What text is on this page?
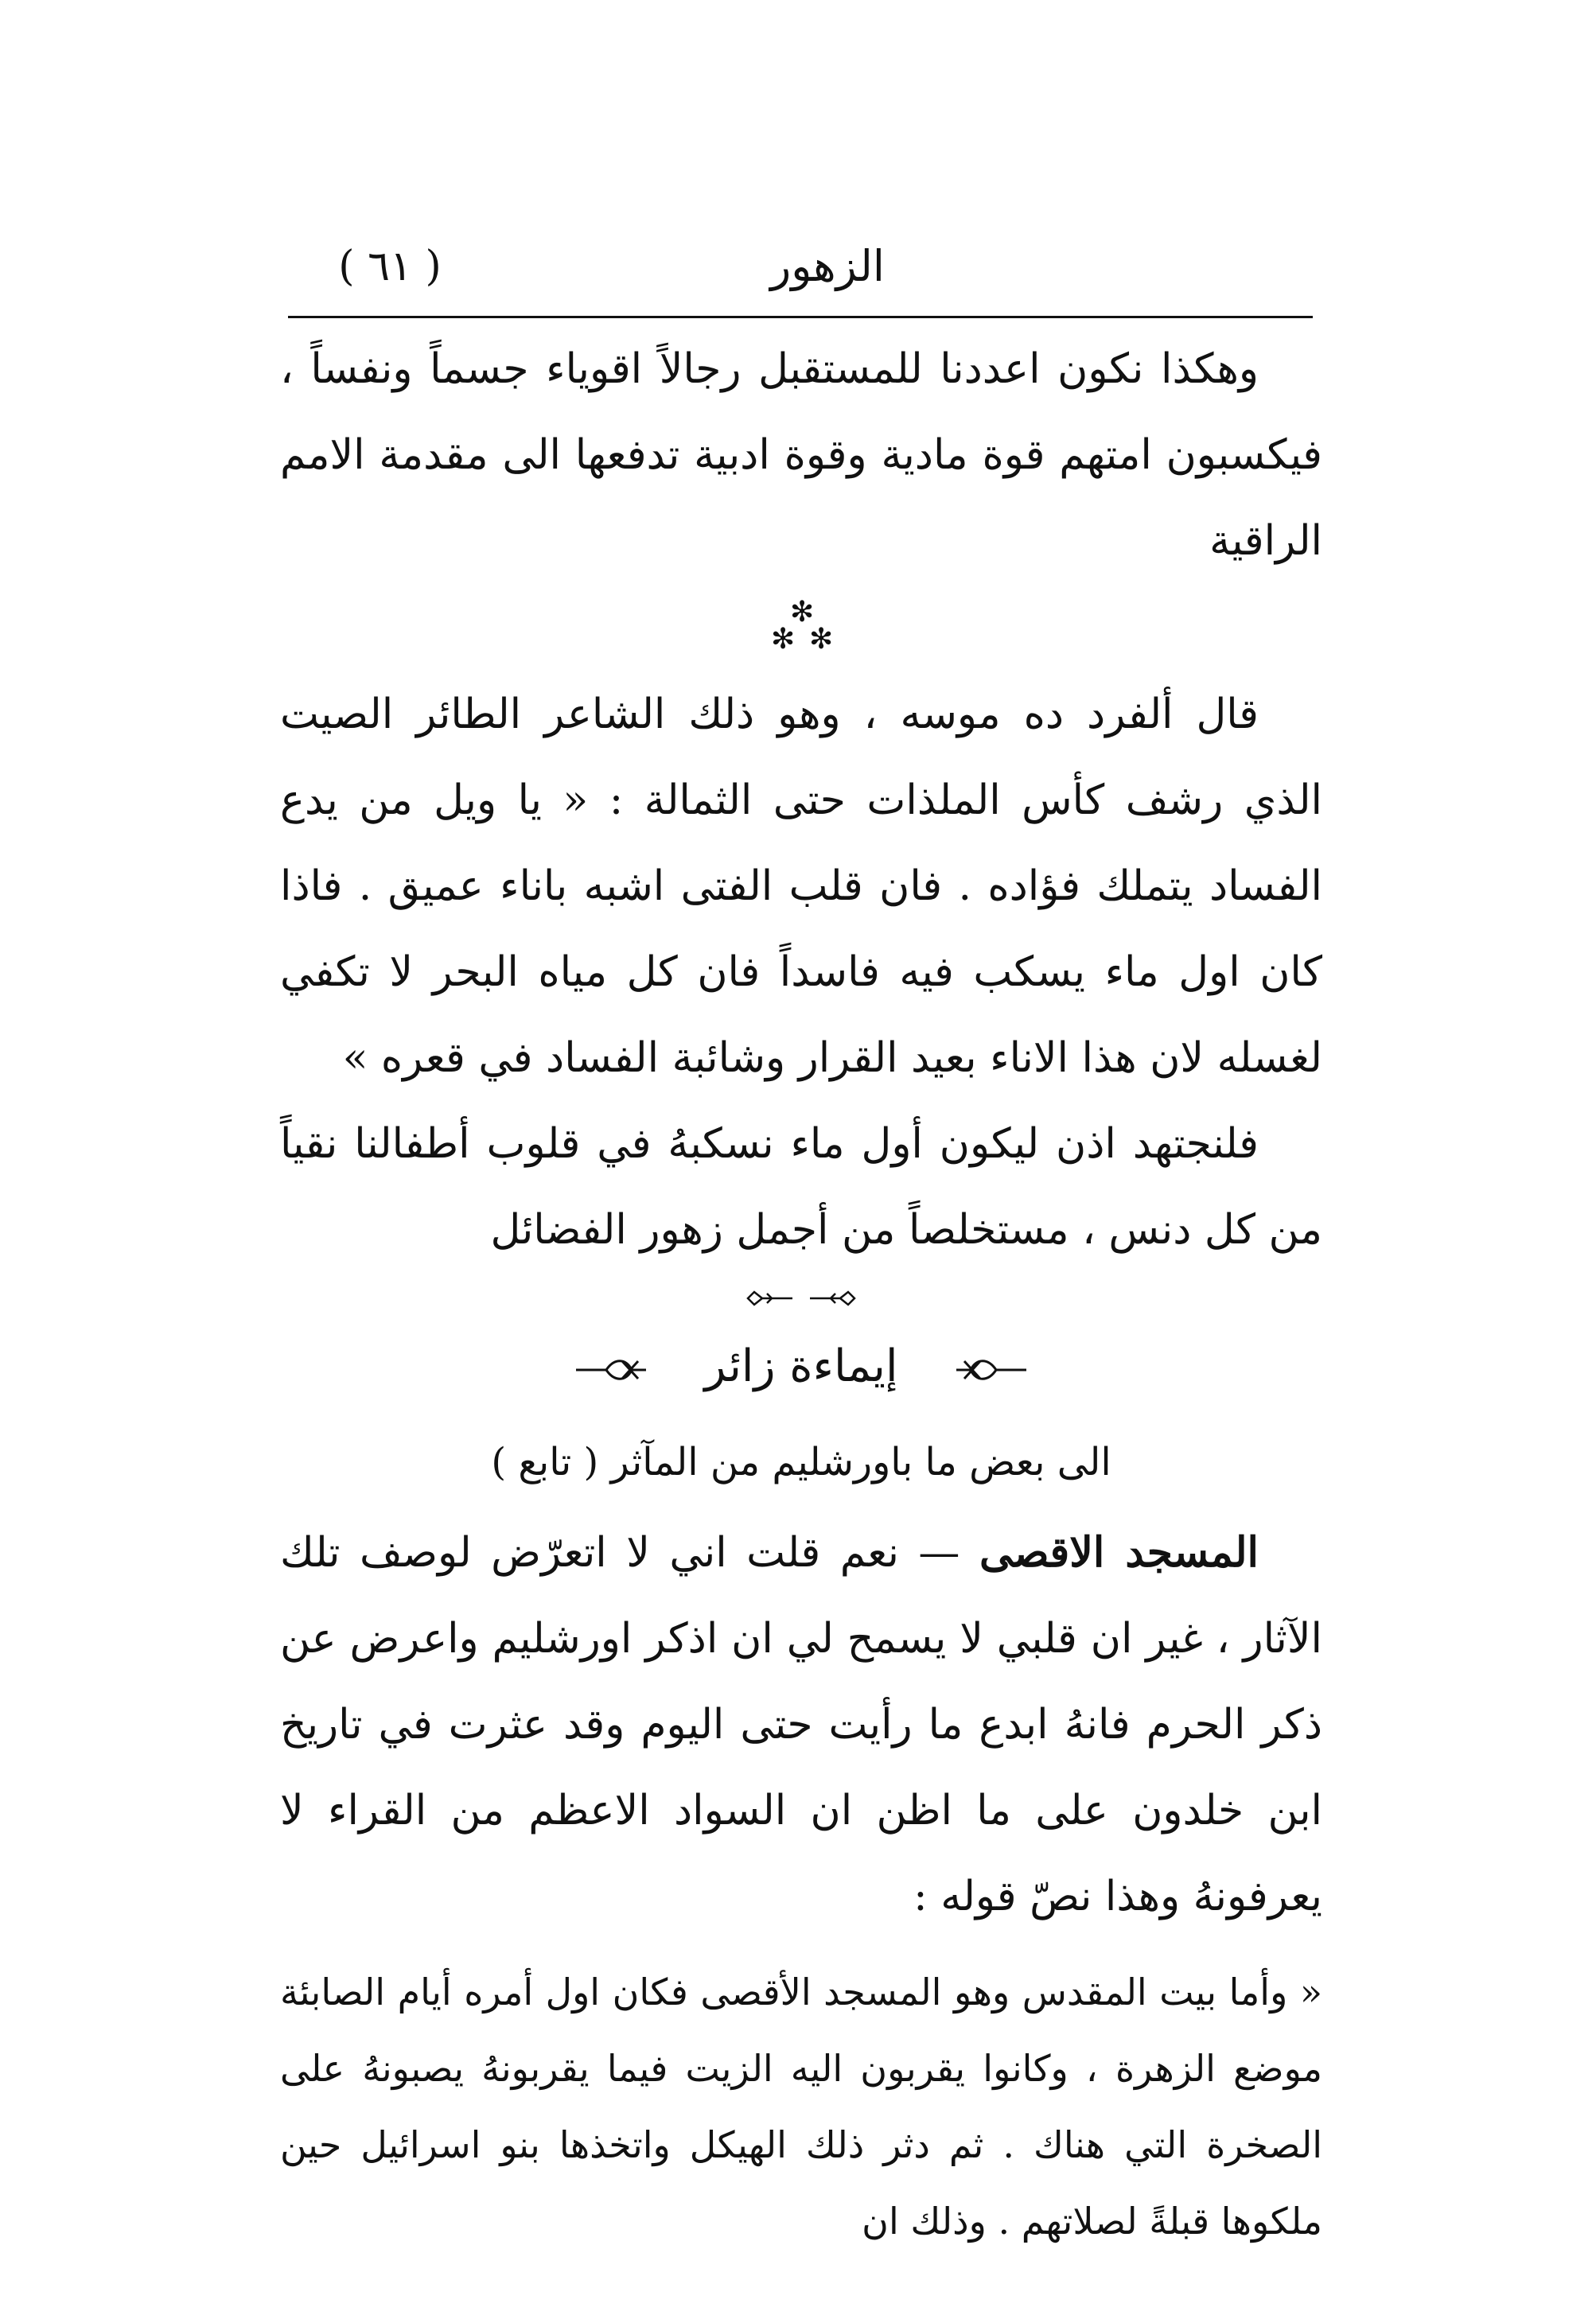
الزهور
( ٦١ )

وهكذا نكون اعددنا للمستقبل رجالاً اقوياء جسماً ونفساً ، فيكسبون امتهم قوة مادية وقوة ادبية تدفعها الى مقدمة الامم الراقية

✻
✻ ✻

قال ألفرد ده موسه ، وهو ذلك الشاعر الطائر الصيت الذي رشف كأس الملذات حتى الثمالة : « يا ويل من يدع الفساد يتملك فؤاده . فان قلب الفتى اشبه باناء عميق . فاذا كان اول ماء يسكب فيه فاسداً فان كل مياه البحر لا تكفي لغسله لان هذا الاناء بعيد القرار وشائبة الفساد في قعره »

فلنجتهد اذن ليكون أول ماء نسكبهُ في قلوب أطفالنا نقياً من كل دنس ، مستخلصاً من أجمل زهور الفضائل

إيماءة زائر
الى بعض ما باورشليم من المآثر ( تابع )

المسجد الاقصى — نعم قلت اني لا اتعرّض لوصف تلك الآثار ، غير ان قلبي لا يسمح لي ان اذكر اورشليم واعرض عن ذكر الحرم فانهُ ابدع ما رأيت حتى اليوم وقد عثرت في تاريخ ابن خلدون على ما اظن ان السواد الاعظم من القراء لا يعرفونهُ وهذا نصّ قوله :

« وأما بيت المقدس وهو المسجد الأقصى فكان اول أمره أيام الصابئة موضع الزهرة ، وكانوا يقربون اليه الزيت فيما يقربونهُ يصبونهُ على الصخرة التي هناك . ثم دثر ذلك الهيكل واتخذها بنو اسرائيل حين ملكوها قبلةً لصلاتهم . وذلك ان
